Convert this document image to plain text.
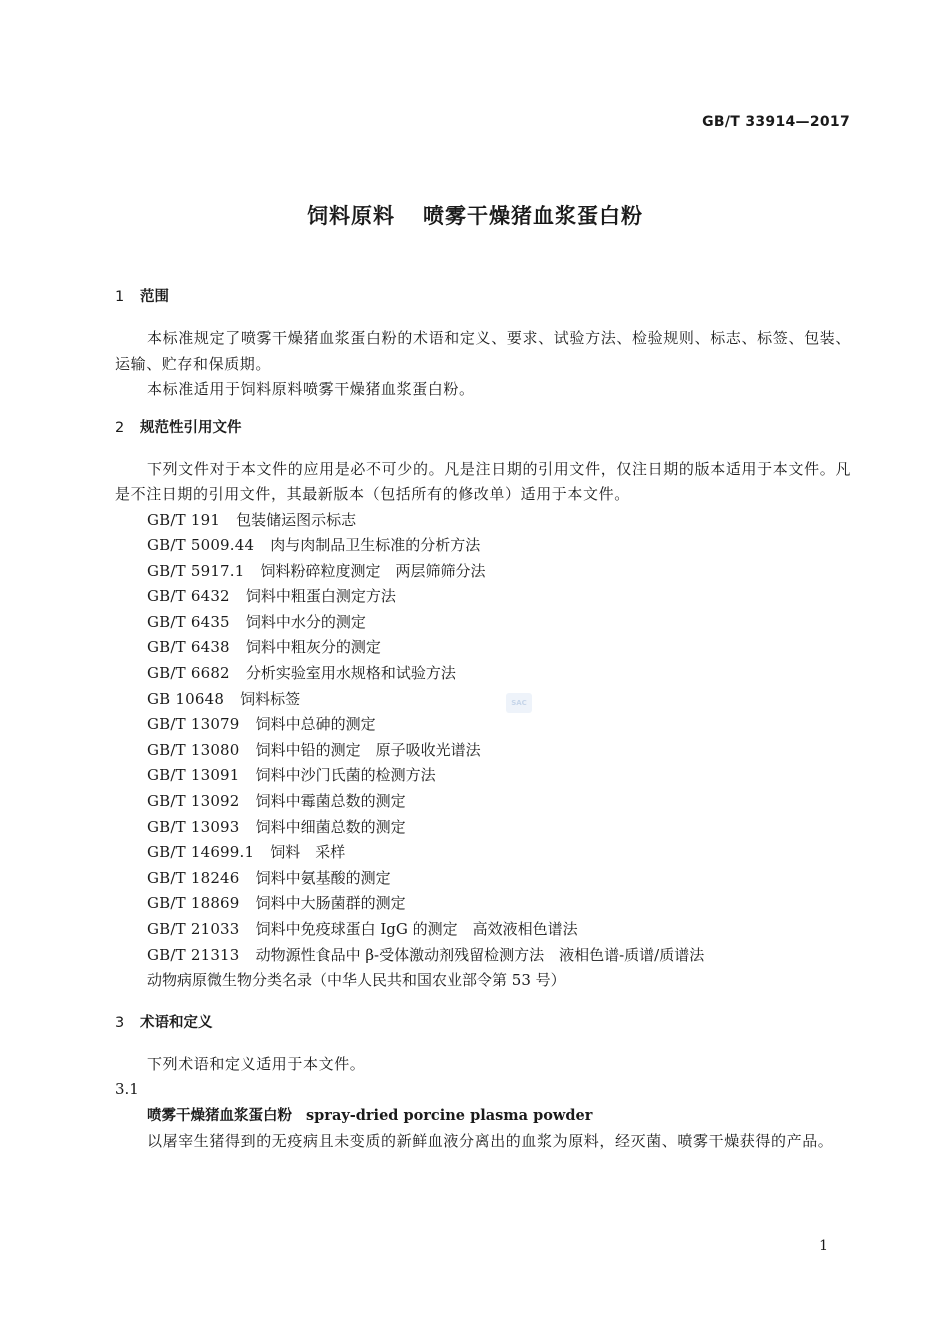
GB/T 33914—2017
饲料原料 喷雾干燥猪血浆蛋白粉
SAC
1 范围
本标准规定了喷雾干燥猪血浆蛋白粉的术语和定义、要求、试验方法、检验规则、标志、标签、包装、运输、贮存和保质期。
本标准适用于饲料原料喷雾干燥猪血浆蛋白粉。
2 规范性引用文件
下列文件对于本文件的应用是必不可少的。凡是注日期的引用文件，仅注日期的版本适用于本文件。凡是不注日期的引用文件，其最新版本（包括所有的修改单）适用于本文件。
GB/T 191 包装储运图示标志
GB/T 5009.44 肉与肉制品卫生标准的分析方法
GB/T 5917.1 饲料粉碎粒度测定　两层筛筛分法
GB/T 6432 饲料中粗蛋白测定方法
GB/T 6435 饲料中水分的测定
GB/T 6438 饲料中粗灰分的测定
GB/T 6682 分析实验室用水规格和试验方法
GB 10648 饲料标签
GB/T 13079 饲料中总砷的测定
GB/T 13080 饲料中铅的测定　原子吸收光谱法
GB/T 13091 饲料中沙门氏菌的检测方法
GB/T 13092 饲料中霉菌总数的测定
GB/T 13093 饲料中细菌总数的测定
GB/T 14699.1 饲料　采样
GB/T 18246 饲料中氨基酸的测定
GB/T 18869 饲料中大肠菌群的测定
GB/T 21033 饲料中免疫球蛋白 IgG 的测定　高效液相色谱法
GB/T 21313 动物源性食品中 β-受体激动剂残留检测方法　液相色谱-质谱/质谱法
动物病原微生物分类名录（中华人民共和国农业部令第 53 号）
3 术语和定义
下列术语和定义适用于本文件。
3.1
喷雾干燥猪血浆蛋白粉 spray-dried porcine plasma powder
以屠宰生猪得到的无疫病且未变质的新鲜血液分离出的血浆为原料，经灭菌、喷雾干燥获得的产品。
1
